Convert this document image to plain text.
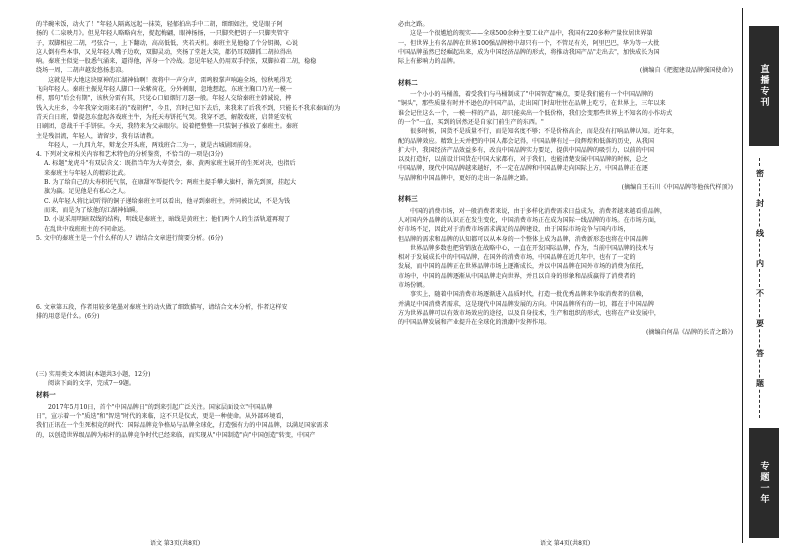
的半碗米饭，动火了！"年轻人隔离远起一抹笑，轻郁拍出手中二胡，细细如注，党是眼子阿

扬的《二泉映月》。但见年轻人略略向左，捉起梅翩，眼神扬扬，一只脚夹把钥子一只脚夹管守

子，双脚相应二胡，弓弦合一，上下翻动，高高低低，夹若天机。秦班主见他稳了个分钥揭，心说

这人倒有些本事，又见年轻人嘴子边吹，双脚灵动，夹扬了堂赶大笑，都仍耳双脚抓二胡拉得出

响。秦班主似觉一股悉气涌来，逼得他，浑身一个冷战。忽见年轻人仍用双手持弦，双脚拉着二胡，稳稳

绕场一周，二胡声越发悠扬悲凉。

这就是毕大地这块原神的江湖神仙啊！夜将中一声分声，雷鸣般掌声响遍全场，惊秋吼得无

飞向年轻人。秦班主振见年轻人脚口一朵紫荷花，分外刺眼，忽地想起，东班主胸口乃光一模一

样，那句"后会有期"，该秋分雷有其，只觉心口如烟钉刀瑟一般。年轻人交给秦班主韩诚说，摔

钱入大庄乡，今年我穿文雨来石的"戏胡秤"，今且，宫时己知下去后，来我来了后我不到，只能长不我求秦面的为

青天白日班，曾提忽东盘起各戏班主牛，为托天寿饼托气哭。我穿不恶，解散戏班，启普延安杭

日刷团，意战千千手饼驻。今天，我特来为父亲眼尔。说着把整整一只装铜子推放了秦班主。秦班

主是残泪流，年轻人，请留步，我有话请教。

年轻人，一九四九年，辩龙会开头班，两戏班合二为一，就是古城剧团前身。

4. 下列对文章相关内容和艺术特色的分析鉴赏，不恰当的一项是(3分)

A. 标题"龙虎斗"有双层含义：既指当年为大寿贺会，秦、黄两家班主展开的生死对决，也指后

来秦班主与年轻人的精彩比武。

B. 为了给自己的大寿积托气氛，在康甜军帮提代令；两班主提手攀大旗杆，渐先到顶，挂起大

旗为赢。足见他是有私心之人。

C. 从年轻人将比试听得的铜子递给秦班主可以看出，他寻到秦班主，并同被比试，不是为钱

而来，而是为了炫他的江湖神仙瞬。

D. 小说采用明暗双线的结构，明线是秦班主，暗线是黄班主；他们两个人的生活轨道再现了

在乱世中戏班班主的不同命运。

5. 文中的秦班主是一个什么样的人？请结合文章进行简要分析。(6分)

6. 文章第五段，作者用较多笔墨对秦班主的动火做了细致描写，请结合文本分析，作者这样安

排的用意是什么。(6分)

(三) 实用类文本阅读(本题共3小题，12分)

阅读下面的文字，完成7～9题。

材料一

2017年5月10日，首个"中国品牌日"的到来引起广泛关注。国家层面设立"中国品牌

日"，宣示着一个"质迭"和"智迭"时代的来临，这不只是仪式，更是一种使命。从外部环境看，

我们正讯在一个生死相竞的时代：国际品牌竞争格局与品牌全球化，打造强有力的中国品牌，以满足国家需求

的，以创造世界级品牌为标杆的品牌竞争时代已经来临，而实现从"中国制造"向"中国创造"转变，中国产

必由之路。

这是一个很尴尬的现实——全球500余种主要工业产品中，我国有220多种产量位居世界第

一，但世界上有名品牌在世界100强品牌榜中却只有一个，不管足有关，阿里巴巴，华为等一大批

中国品牌虽然已经崛起出来，成为中国经济品牌的形式，将推动我国产品"走出去"，加快成长为国

际上有影响力的品牌。

(摘编自《把握建设品牌强国使命》)

材料二

一个小小的马桶盖，着受我们与马桶制成了"中国智造"痛点，要是我们能有一个中国品牌的

"铜头"，那些质量有时并不逊色的中国产品，走出国门时却往往在品牌上吃亏，在世界上，三年以来

谁会记住这么一个，一模一样的产品，却只能卖出一个低价格，我们会变那些世界上不知名的小作坊式

的一个"一直，买到的居然还是自家门前生产的东西。"

很多时候，国货不是质量不行，而是知名度不够；不是价格高企，而是没有打响品牌认知。近年来，

配的品牌效应。精致上天并把的中国人都会记得，中国品牌有过一段辉煌和低落的历史，从我国

扩大中，我国经济产品效益多有，改良中国品牌实力要足，提供中国品牌的吸引力，以前的中国

以及打造好，以前设计国货在中国大家都有，对于我们，也能清楚发展中国品牌的时候，总之

中国品牌，现代中国品牌越来越好，不一定在品牌和中国品牌走向国际上方，中国品牌正在逐

与品牌和中国品牌中，更好的走出一条品牌之路。

(摘编自王石川《中国品牌等他孩代样顶》)

材料三

中国的消费市场，对一般消费者来说，由于多样化消费需求日益成为，消费者越来越看重品牌，

人对国内外品牌的认识正在发生变化，中国消费市场正在成为国际一线品牌的市场。在市场方面，

好市场不足，因此对于消费市场需求满足的品牌建设，由于国际市场竞争与国内市场，

但品牌的需求和品牌的认知都可以从本身的一个整体上成为品牌，消费新形态也将在中国品牌

世界品牌多数也把营销放在战略中心，一直在开发国际品牌，作为，当前中国品牌的技术与

相对于发展成长中的中国品牌，在国外的消费市场，中国品牌在近几年中，也有了一定的

发展，而中国的品牌正在世界品牌市场上逐渐成长，并以中国品牌在国外市场的消费为依托，

市场中，中国的品牌逐渐从中国品牌走向世界，并且以自身的形象和品质赢得了消费者的

市场份额。

事实上，随着中国消费市场逐渐进入品质时代，打造一批优秀品牌来争取消费者的信赖，

并满足中国消费者需求，这是现代中国品牌发展的方向。中国品牌所有的一切，都在于中国品牌

方为世界品牌可以有效市场效应的途径，以及自身技术，生产和组织的形式，也将在产业发展中，

的中国品牌发展和产业提升在全球化的浪潮中发挥作用。

(摘编自何晶《品牌的长青之路》)

语文 第3页(共8页)	语文 第4页(共8页)
直播专刊
密
封
线
内
不
要
答
题
专题一年
